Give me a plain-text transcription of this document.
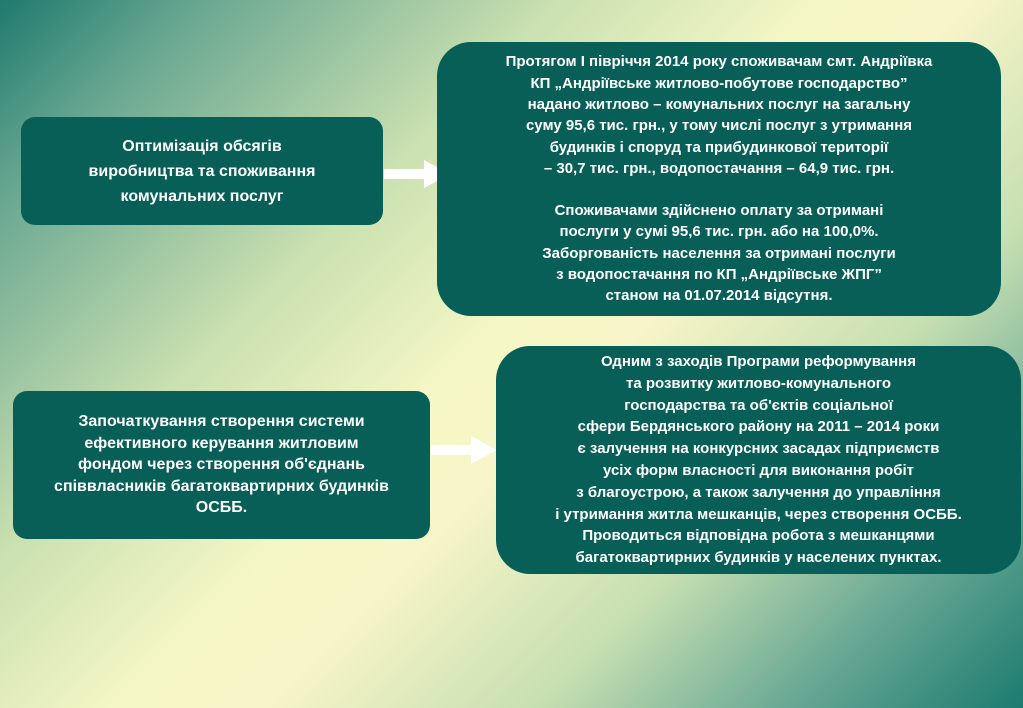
Оптимізація обсягів
виробництва та споживання
комунальних послуг

Протягом І півріччя 2014 року споживачам смт. Андріївка
КП „Андріївське житлово-побутове господарство”
надано житлово – комунальних послуг на загальну
суму 95,6 тис. грн., у тому числі послуг з утримання
будинків і споруд та прибудинкової території
– 30,7 тис. грн., водопостачання – 64,9 тис. грн.

Споживачами здійснено оплату за отримані
послуги у сумі 95,6 тис. грн. або на 100,0%.
Заборгованість населення за отримані послуги
з водопостачання по КП „Андріївське ЖПГ”
станом на 01.07.2014 відсутня.

Започаткування створення системи
ефективного керування житловим
фондом через створення об'єднань
співвласників багатоквартирних будинків
ОСББ.

Одним з заходів Програми реформування
та розвитку житлово-комунального
господарства та об'єктів соціальної
сфери Бердянського району на 2011 – 2014 роки
є залучення на конкурсних засадах підприємств
усіх форм власності для виконання робіт
з благоустрою, а також залучення до управління
і утримання житла мешканців, через створення ОСББ.
Проводиться відповідна робота з мешканцями
багатоквартирних будинків у населених пунктах.
